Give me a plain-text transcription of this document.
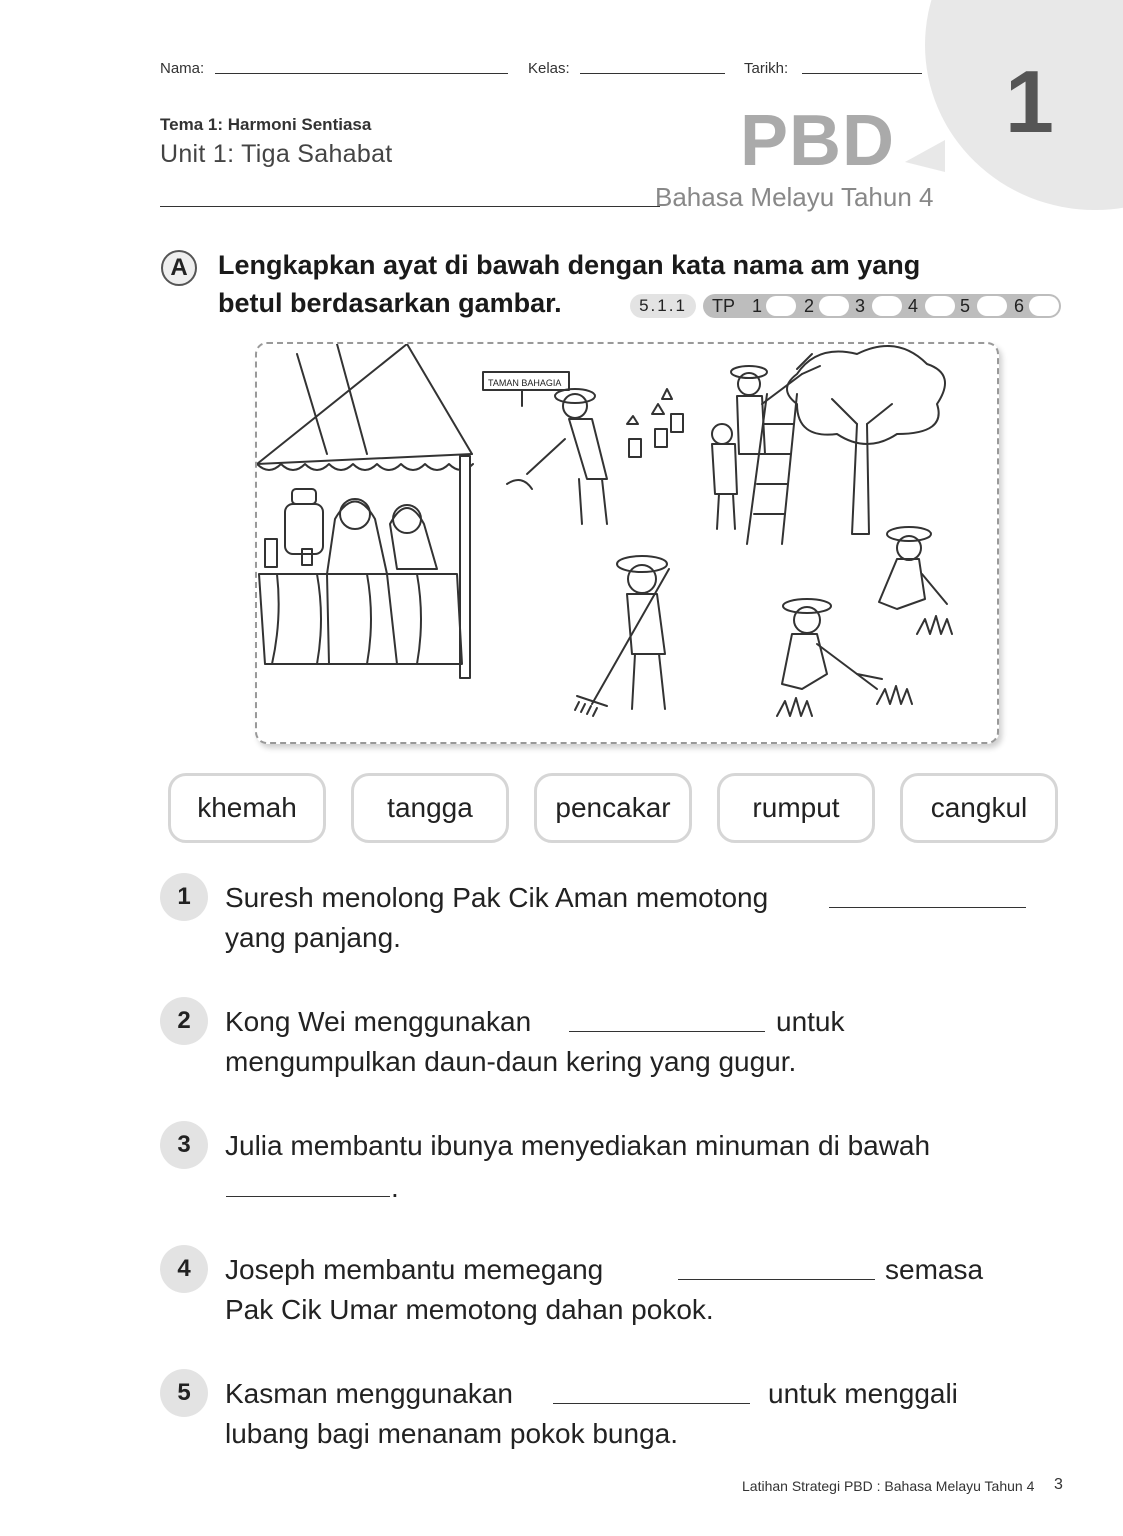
1
Nama:	Kelas:	Tarikh:
Tema 1: Harmoni Sentiasa
Unit 1: Tiga Sahabat	PBD
Bahasa Melayu Tahun 4
A	Lengkapkan ayat di bawah dengan kata nama am yang
betul berdasarkan gambar.	5.1.1	TP 1 2 3 4 5 6
TAMAN BAHAGIA
khemah	tangga	pencakar	rumput	cangkul
1	Suresh menolong Pak Cik Aman memotong
yang panjang.
2	Kong Wei menggunakan	untuk
mengumpulkan daun-daun kering yang gugur.
3	Julia membantu ibunya menyediakan minuman di bawah
.
4	Joseph membantu memegang	semasa
Pak Cik Umar memotong dahan pokok.
5	Kasman menggunakan	untuk menggali
lubang bagi menanam pokok bunga.
Latihan Strategi PBD : Bahasa Melayu Tahun 4 3
